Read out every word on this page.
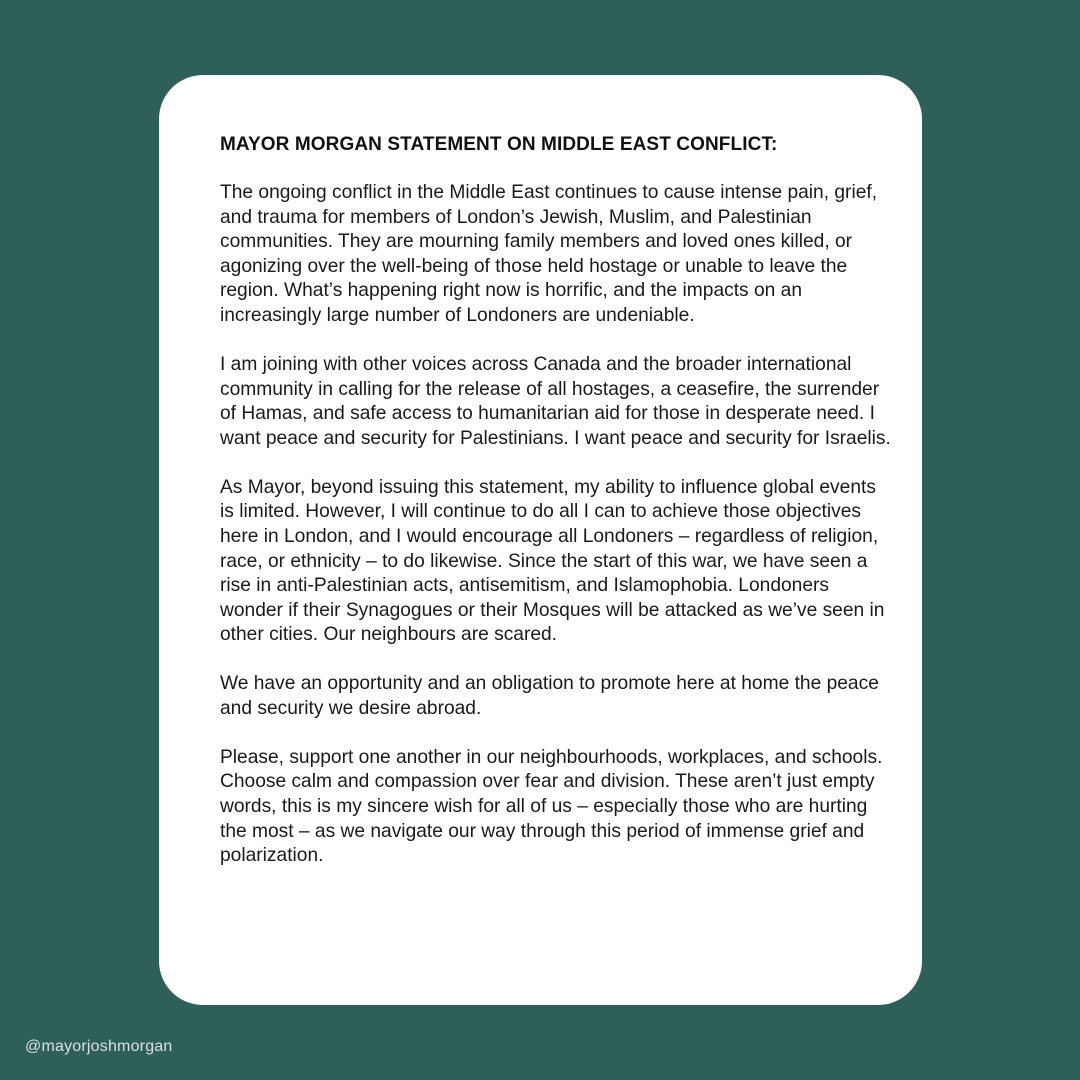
MAYOR MORGAN STATEMENT ON MIDDLE EAST CONFLICT:

The ongoing conflict in the Middle East continues to cause intense pain, grief, and trauma for members of London’s Jewish, Muslim, and Palestinian communities. They are mourning family members and loved ones killed, or agonizing over the well-being of those held hostage or unable to leave the region. What’s happening right now is horrific, and the impacts on an increasingly large number of Londoners are undeniable.

I am joining with other voices across Canada and the broader international community in calling for the release of all hostages, a ceasefire, the surrender of Hamas, and safe access to humanitarian aid for those in desperate need. I want peace and security for Palestinians. I want peace and security for Israelis.

As Mayor, beyond issuing this statement, my ability to influence global events is limited. However, I will continue to do all I can to achieve those objectives here in London, and I would encourage all Londoners – regardless of religion, race, or ethnicity – to do likewise. Since the start of this war, we have seen a rise in anti-Palestinian acts, antisemitism, and Islamophobia. Londoners wonder if their Synagogues or their Mosques will be attacked as we’ve seen in other cities. Our neighbours are scared.

We have an opportunity and an obligation to promote here at home the peace and security we desire abroad.

Please, support one another in our neighbourhoods, workplaces, and schools. Choose calm and compassion over fear and division. These aren’t just empty words, this is my sincere wish for all of us – especially those who are hurting the most – as we navigate our way through this period of immense grief and polarization.

@mayorjoshmorgan
